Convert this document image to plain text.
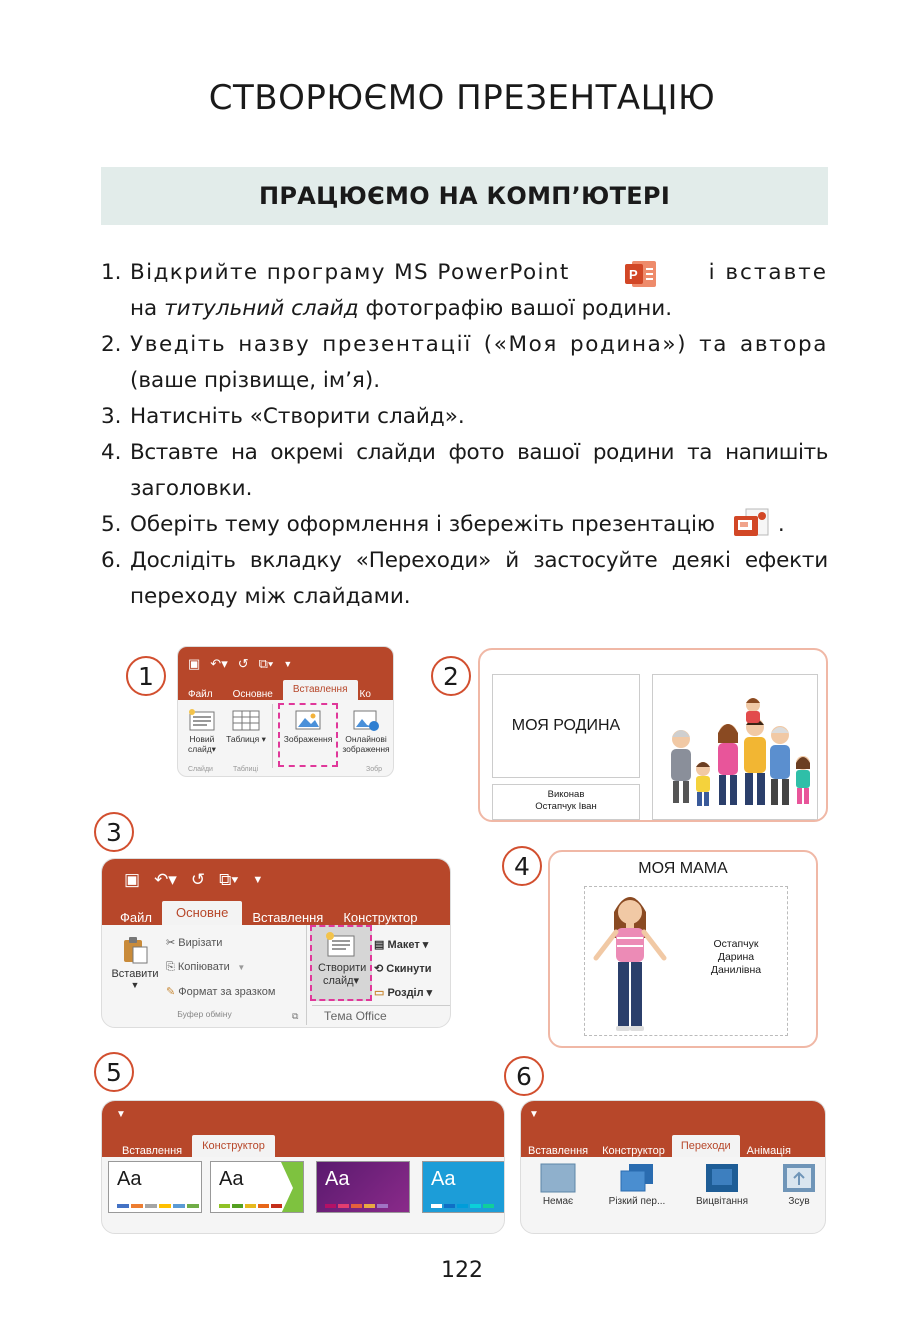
СТВОРЮЄМО ПРЕЗЕНТАЦІЮ
ПРАЦЮЄМО НА КОМП’ЮТЕРІ
1. Відкрийте програму MS PowerPoint	P	і вставте
на титульний слайд фотографію вашої родини.
2. Уведіть назву презентації («Моя родина») та автора
(ваше прізвище, ім’я).
3. Натисніть «Створити слайд».
4. Вставте на окремі слайди фото вашої родини та напишіть
заголовки.
5. Оберіть тему оформлення і збережіть презентацію	.
6. Дослідіть вкладку «Переходи» й застосуйте деякі ефекти
переходу між слайдами.
1	2
3
4
5	6
▣ ↶▾ ↺ ⧉▾ ▼
Файл	Основне	Вставлення	Ко
Новий слайд▾
Таблиця ▾	Зображення	Онлайнові зображення
Слайди	Таблиці	Зобр
МОЯ РОДИНА
Виконав
Остапчук Іван
▣ ↶▾ ↺ ⧉▾ ▼
Файл	Основне	Вставлення	Конструктор
Вставити
▼
✂ Вирізати
⎘ Копіювати   ▼
✎ Формат за зразком
Буфер обміну	⧉
Створити слайд▾
▤ Макет ▾
⟲ Скинути
▭ Розділ ▾
Тема Office
МОЯ МАМА
Остапчук
Дарина
Данилівна
▼
Вставлення	Конструктор
Aa	Aa	Aa	Aa
▼
Вставлення	Конструктор	Переходи	Анімація
Немає	Різкий пер...	Вицвітання	Зсув
122
